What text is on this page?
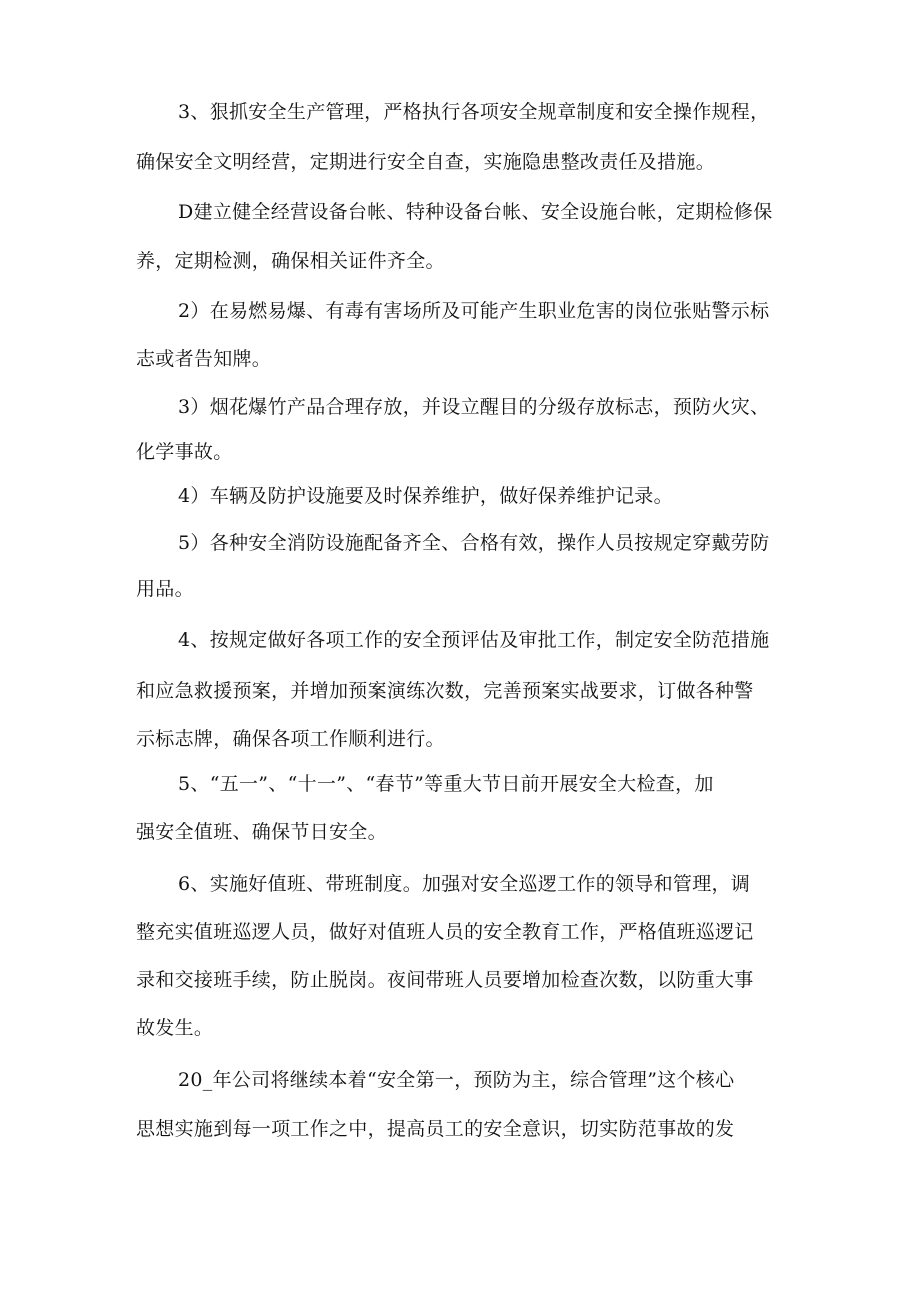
3、狠抓安全生产管理，严格执行各项安全规章制度和安全操作规程，
确保安全文明经营，定期进行安全自查，实施隐患整改责任及措施。
D建立健全经营设备台帐、特种设备台帐、安全设施台帐，定期检修保
养，定期检测，确保相关证件齐全。
2）在易燃易爆、有毒有害场所及可能产生职业危害的岗位张贴警示标
志或者告知牌。
3）烟花爆竹产品合理存放，并设立醒目的分级存放标志，预防火灾、
化学事故。
4）车辆及防护设施要及时保养维护，做好保养维护记录。
5）各种安全消防设施配备齐全、合格有效，操作人员按规定穿戴劳防
用品。
4、按规定做好各项工作的安全预评估及审批工作，制定安全防范措施
和应急救援预案，并增加预案演练次数，完善预案实战要求，订做各种警
示标志牌，确保各项工作顺利进行。
5、“五一”、“十一”、“春节”等重大节日前开展安全大检查，加
强安全值班、确保节日安全。
6、实施好值班、带班制度。加强对安全巡逻工作的领导和管理，调
整充实值班巡逻人员，做好对值班人员的安全教育工作，严格值班巡逻记
录和交接班手续，防止脱岗。夜间带班人员要增加检查次数，以防重大事
故发生。
20_年公司将继续本着“安全第一，预防为主，综合管理”这个核心
思想实施到每一项工作之中，提高员工的安全意识，切实防范事故的发
